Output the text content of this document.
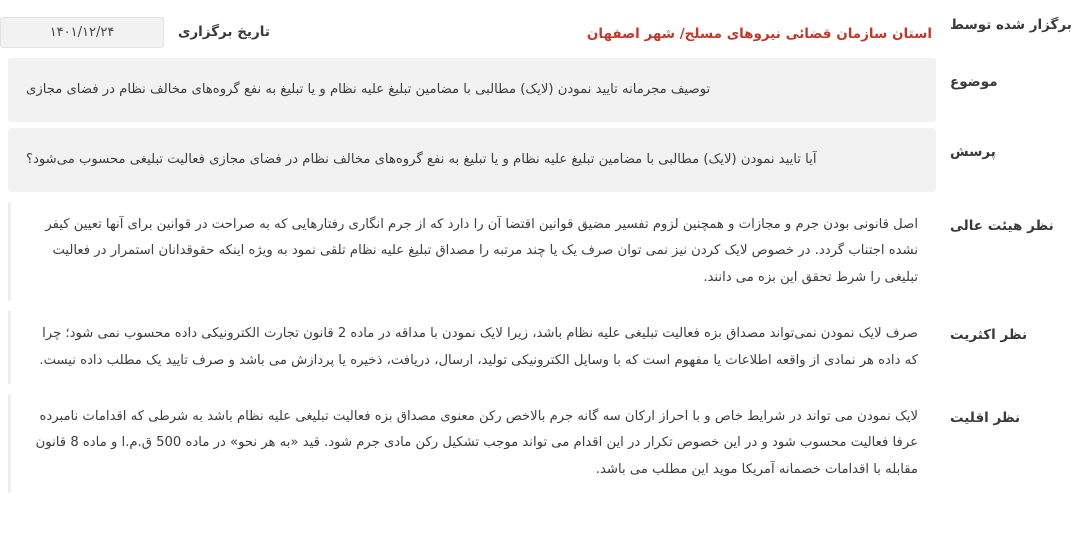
برگزار شده توسط
استان سازمان قضائی نیروهای مسلح/ شهر اصفهان
تاریخ برگزاری
۱۴۰۱/۱۲/۲۴
موضوع
توصیف مجرمانه تایید نمودن (لایک) مطالبی با مضامین تبلیغ علیه نظام و یا تبلیغ به نفع گروه‌های مخالف نظام در فضای مجازی
پرسش
آیا تایید نمودن (لایک) مطالبی با مضامین تبلیغ علیه نظام و یا تبلیغ به نفع گروه‌های مخالف نظام در فضای مجازی فعالیت تبلیغی محسوب می‌شود؟
نظر هیئت عالی
اصل قانونی بودن جرم و مجازات و همچنین لزوم تفسیر مضیق قوانین اقتضا آن را دارد که از جرم انگاری رفتارهایی که به صراحت در قوانین برای آنها تعیین کیفر نشده اجتناب گردد. در خصوص لایک کردن نیز نمی توان صرف یک یا چند مرتبه را مصداق تبلیغ علیه نظام تلقی نمود به ویژه اینکه حقوقدانان استمرار در فعالیت تبلیغی را شرط تحقق این بزه می دانند.
نظر اکثریت
صرف لایک نمودن نمی‌تواند مصداق بزه فعالیت تبلیغی علیه نظام باشد، زیرا لایک نمودن با مداقه در ماده 2 قانون تجارت الکترونیکی داده محسوب نمی شود؛ چرا که داده هر نمادی از واقعه اطلاعات یا مفهوم است که با وسایل الکترونیکی تولید، ارسال، دریافت، ذخیره یا پردازش می باشد و صرف تایید یک مطلب داده نیست.
نظر اقلیت
لایک نمودن می تواند در شرایط خاص و با احراز ارکان سه گانه جرم بالاخص رکن معنوی مصداق بزه فعالیت تبلیغی علیه نظام باشد به شرطی که اقدامات نامبرده عرفا فعالیت محسوب شود و در این خصوص تکرار در این اقدام می تواند موجب تشکیل رکن مادی جرم شود. قید «به هر نحو» در ماده 500 ق.م.ا و ماده 8 قانون مقابله با اقدامات خصمانه آمریکا موید این مطلب می باشد.
